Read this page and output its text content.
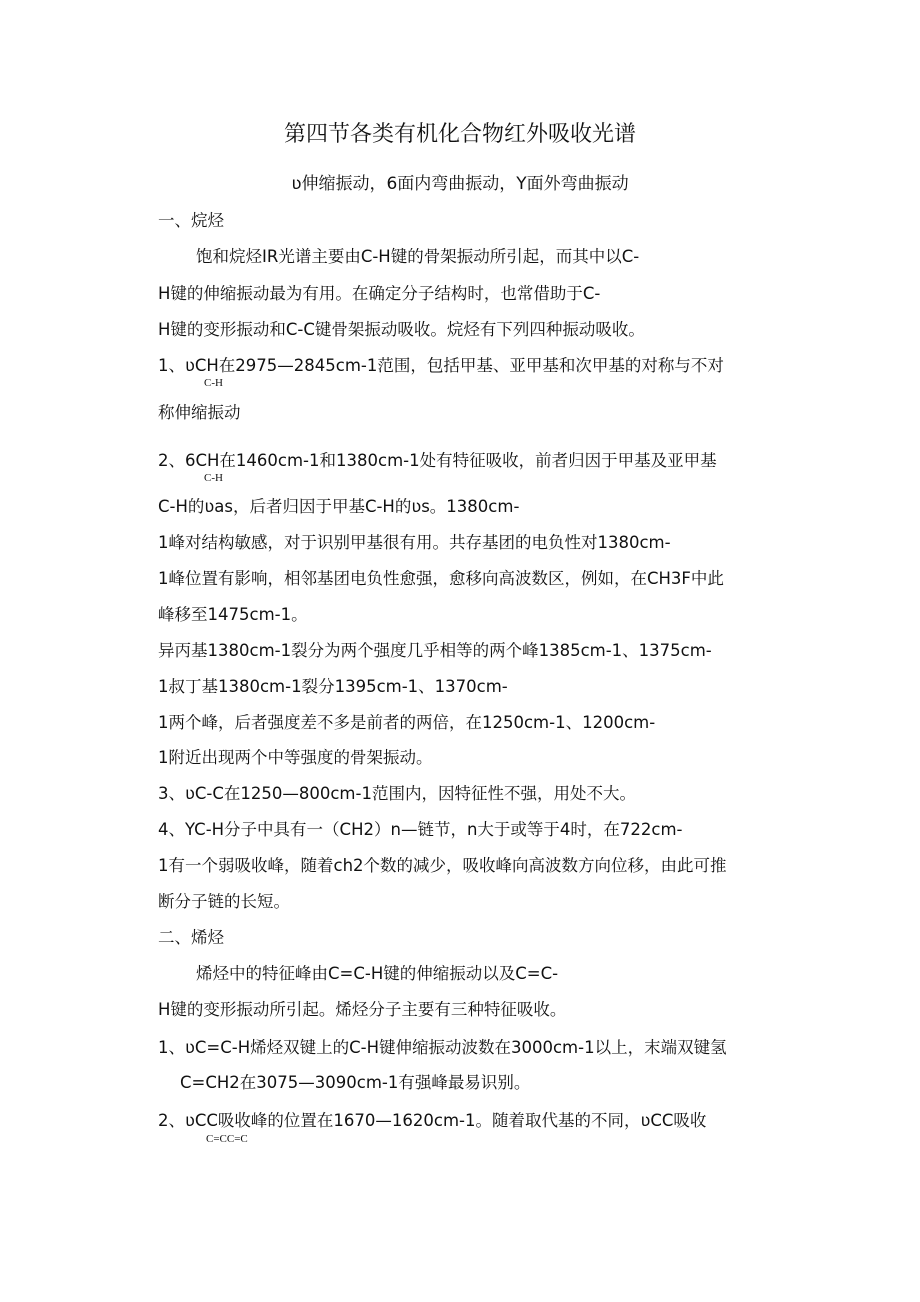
第四节各类有机化合物红外吸收光谱
ʋ伸缩振动，6面内弯曲振动，Y面外弯曲振动
一、烷烃
饱和烷烃IR光谱主要由C-H键的骨架振动所引起，而其中以C-
H键的伸缩振动最为有用。在确定分子结构时，也常借助于C-
H键的变形振动和C-C键骨架振动吸收。烷烃有下列四种振动吸收。
1、ʋCH在2975—2845cm-1范围，包括甲基、亚甲基和次甲基的对称与不对
C-H
称伸缩振动
2、6CH在1460cm-1和1380cm-1处有特征吸收，前者归因于甲基及亚甲基
C-H
C-H的ʋas，后者归因于甲基C-H的ʋs。1380cm-
1峰对结构敏感，对于识别甲基很有用。共存基团的电负性对1380cm-
1峰位置有影响，相邻基团电负性愈强，愈移向高波数区，例如，在CH3F中此
峰移至1475cm-1。
异丙基1380cm-1裂分为两个强度几乎相等的两个峰1385cm-1、1375cm-
1叔丁基1380cm-1裂分1395cm-1、1370cm-
1两个峰，后者强度差不多是前者的两倍，在1250cm-1、1200cm-
1附近出现两个中等强度的骨架振动。
3、ʋC-C在1250—800cm-1范围内，因特征性不强，用处不大。
4、YC-H分子中具有一（CH2）n—链节，n大于或等于4时，在722cm-
1有一个弱吸收峰，随着ch2个数的减少，吸收峰向高波数方向位移，由此可推
断分子链的长短。
二、烯烃
烯烃中的特征峰由C=C-H键的伸缩振动以及C=C-
H键的变形振动所引起。烯烃分子主要有三种特征吸收。
1、ʋC=C-H烯烃双键上的C-H键伸缩振动波数在3000cm-1以上，末端双键氢
C=CH2在3075—3090cm-1有强峰最易识别。
2、ʋCC吸收峰的位置在1670—1620cm-1。随着取代基的不同，ʋCC吸收
C=CC=C
